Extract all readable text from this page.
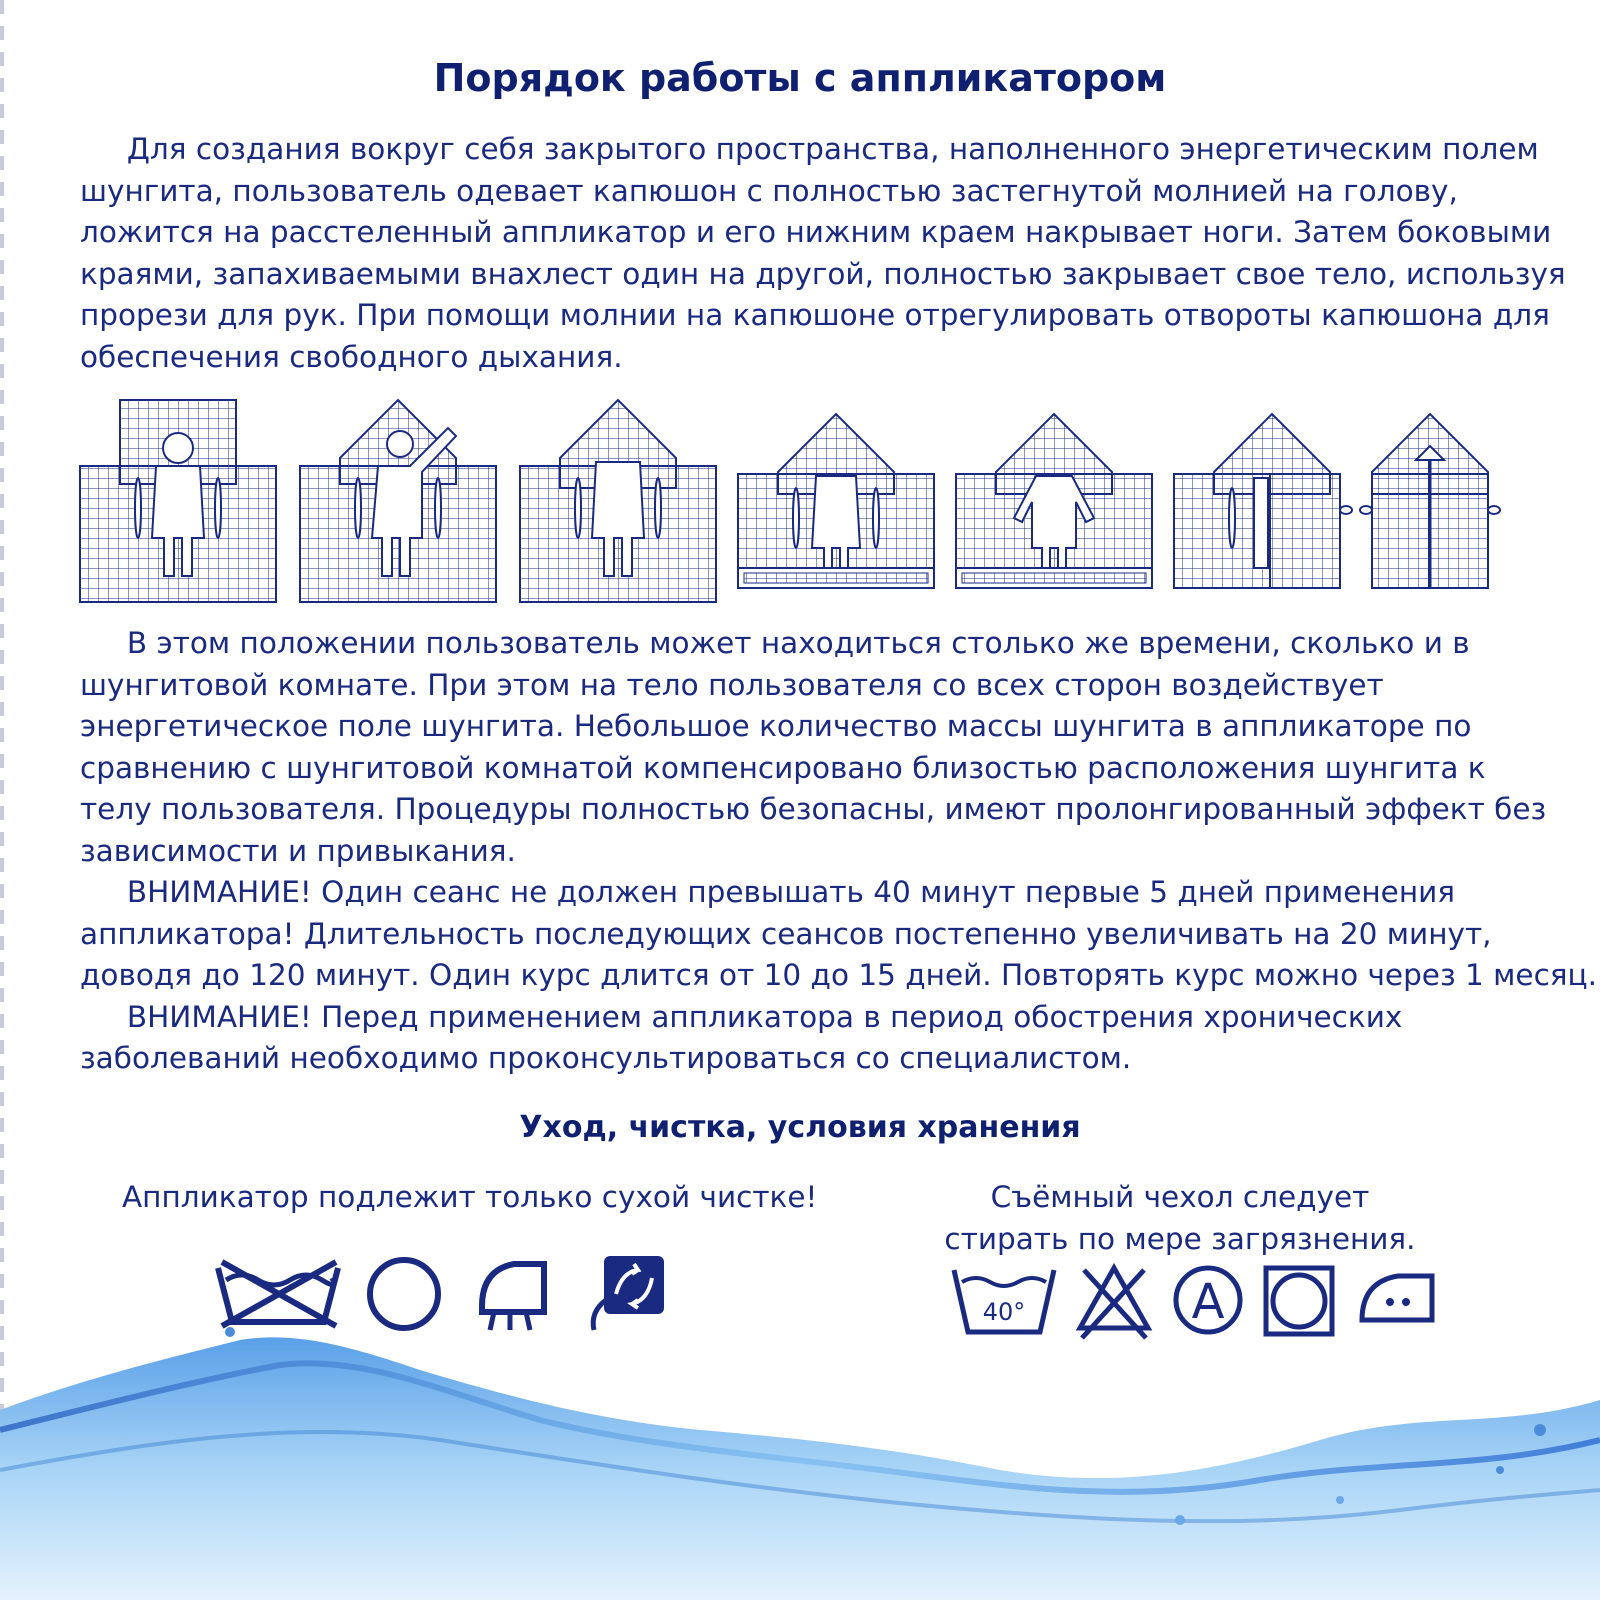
Порядок работы с аппликатором
Для создания вокруг себя закрытого пространства, наполненного энергетическим полем
шунгита, пользователь одевает капюшон с полностью застегнутой молнией на голову,
ложится на расстеленный аппликатор и его нижним краем накрывает ноги. Затем боковыми
краями, запахиваемыми внахлест один на другой, полностью закрывает свое тело, используя
прорези для рук. При помощи молнии на капюшоне отрегулировать отвороты капюшона для
обеспечения свободного дыхания.
В этом положении пользователь может находиться столько же времени, сколько и в
шунгитовой комнате. При этом на тело пользователя со всех сторон воздействует
энергетическое поле шунгита. Небольшое количество массы шунгита в аппликаторе по
сравнению с шунгитовой комнатой компенсировано близостью расположения шунгита к
телу пользователя. Процедуры полностью безопасны, имеют пролонгированный эффект без
зависимости и привыкания.
ВНИМАНИЕ! Один сеанс не должен превышать 40 минут первые 5 дней применения
аппликатора! Длительность последующих сеансов постепенно увеличивать на 20 минут,
доводя до 120 минут. Один курс длится от 10 до 15 дней. Повторять курс можно через 1 месяц.
ВНИМАНИЕ! Перед применением аппликатора в период обострения хронических
заболеваний необходимо проконсультироваться со специалистом.
Уход, чистка, условия хранения
Аппликатор подлежит только сухой чистке!	Съёмный чехол следует стирать по мере загрязнения.
40°	A
